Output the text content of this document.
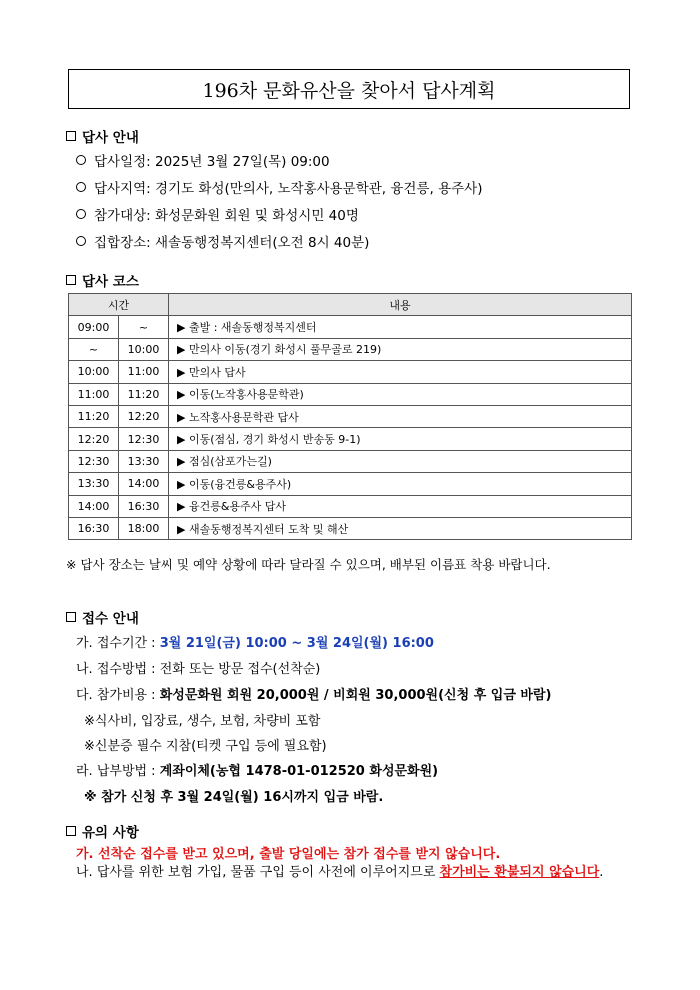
196차 문화유산을 찾아서 답사계획
답사 안내
답사일정: 2025년 3월 27일(목) 09:00
답사지역: 경기도 화성(만의사, 노작홍사용문학관, 융건릉, 용주사)
참가대상: 화성문화원 회원 및 화성시민 40명
집합장소: 새솔동행정복지센터(오전 8시 40분)
답사 코스
시간		내용
09:00	~	▶ 출발 : 새솔동행정복지센터
~	10:00	▶ 만의사 이동(경기 화성시 풀무골로 219)
10:00	11:00	▶ 만의사 답사
11:00	11:20	▶ 이동(노작홍사용문학관)
11:20	12:20	▶ 노작홍사용문학관 답사
12:20	12:30	▶ 이동(점심, 경기 화성시 반송동 9-1)
12:30	13:30	▶ 점심(삼포가는길)
13:30	14:00	▶ 이동(융건릉&용주사)
14:00	16:30	▶ 융건릉&용주사 답사
16:30	18:00	▶ 새솔동행정복지센터 도착 및 해산
※ 답사 장소는 날씨 및 예약 상황에 따라 달라질 수 있으며, 배부된 이름표 착용 바랍니다.
접수 안내
가. 접수기간 : 3월 21일(금) 10:00 ~ 3월 24일(월) 16:00
나. 접수방법 : 전화 또는 방문 접수(선착순)
다. 참가비용 : 화성문화원 회원 20,000원 / 비회원 30,000원(신청 후 입금 바람)
※식사비, 입장료, 생수, 보험, 차량비 포함
※신분증 필수 지참(티켓 구입 등에 필요함)
라. 납부방법 : 계좌이체(농협 1478-01-012520 화성문화원)
※ 참가 신청 후 3월 24일(월) 16시까지 입금 바람.
유의 사항
가. 선착순 접수를 받고 있으며, 출발 당일에는 참가 접수를 받지 않습니다.
나. 답사를 위한 보험 가입, 물품 구입 등이 사전에 이루어지므로 참가비는 환불되지 않습니다.
